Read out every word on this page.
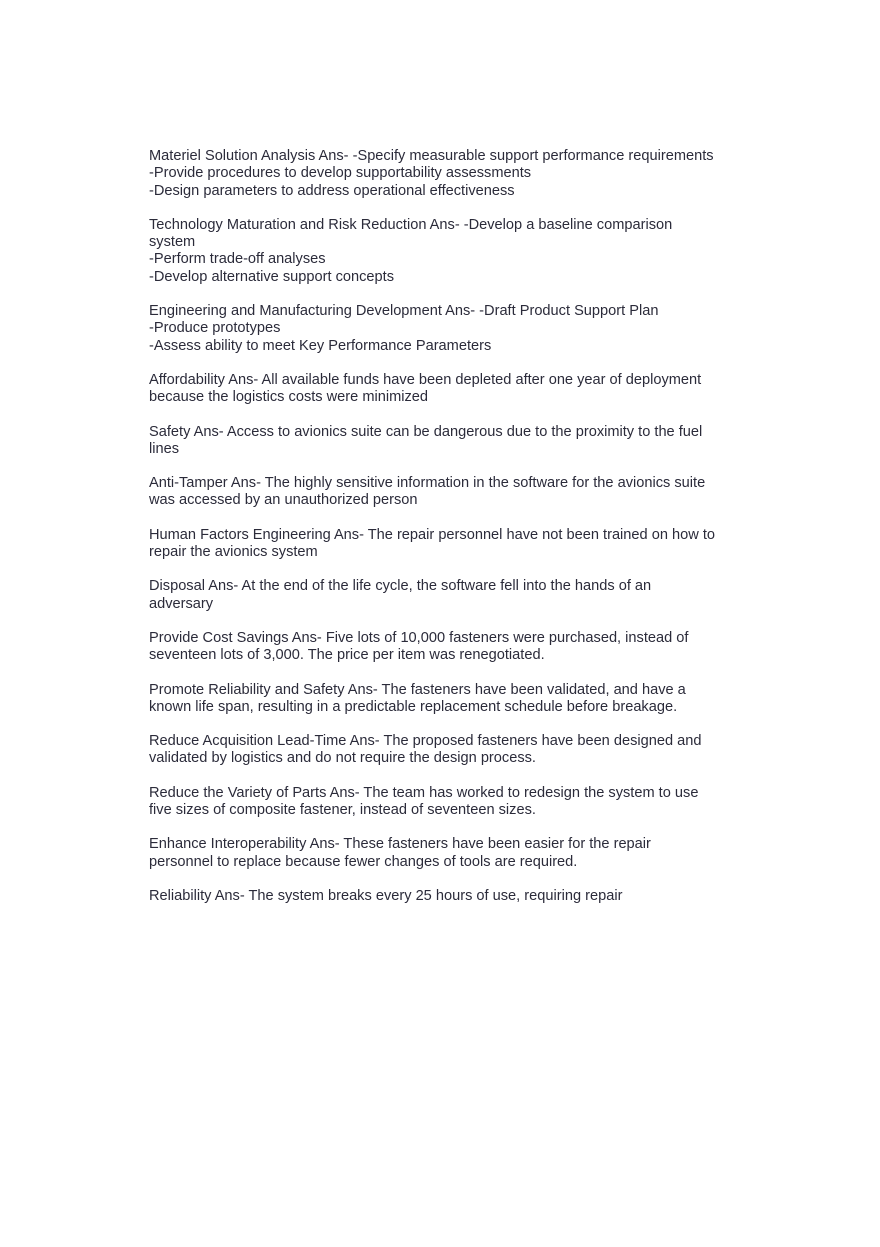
Materiel Solution Analysis Ans- -Specify measurable support performance requirements
-Provide procedures to develop supportability assessments
-Design parameters to address operational effectiveness
Technology Maturation and Risk Reduction Ans- -Develop a baseline comparison
system
-Perform trade-off analyses
-Develop alternative support concepts
Engineering and Manufacturing Development Ans- -Draft Product Support Plan
-Produce prototypes
-Assess ability to meet Key Performance Parameters
Affordability Ans- All available funds have been depleted after one year of deployment
because the logistics costs were minimized
Safety Ans- Access to avionics suite can be dangerous due to the proximity to the fuel
lines
Anti-Tamper Ans- The highly sensitive information in the software for the avionics suite
was accessed by an unauthorized person
Human Factors Engineering Ans- The repair personnel have not been trained on how to
repair the avionics system
Disposal Ans- At the end of the life cycle, the software fell into the hands of an
adversary
Provide Cost Savings Ans- Five lots of 10,000 fasteners were purchased, instead of
seventeen lots of 3,000. The price per item was renegotiated.
Promote Reliability and Safety Ans- The fasteners have been validated, and have a
known life span, resulting in a predictable replacement schedule before breakage.
Reduce Acquisition Lead-Time Ans- The proposed fasteners have been designed and
validated by logistics and do not require the design process.
Reduce the Variety of Parts Ans- The team has worked to redesign the system to use
five sizes of composite fastener, instead of seventeen sizes.
Enhance Interoperability Ans- These fasteners have been easier for the repair
personnel to replace because fewer changes of tools are required.
Reliability Ans- The system breaks every 25 hours of use, requiring repair
